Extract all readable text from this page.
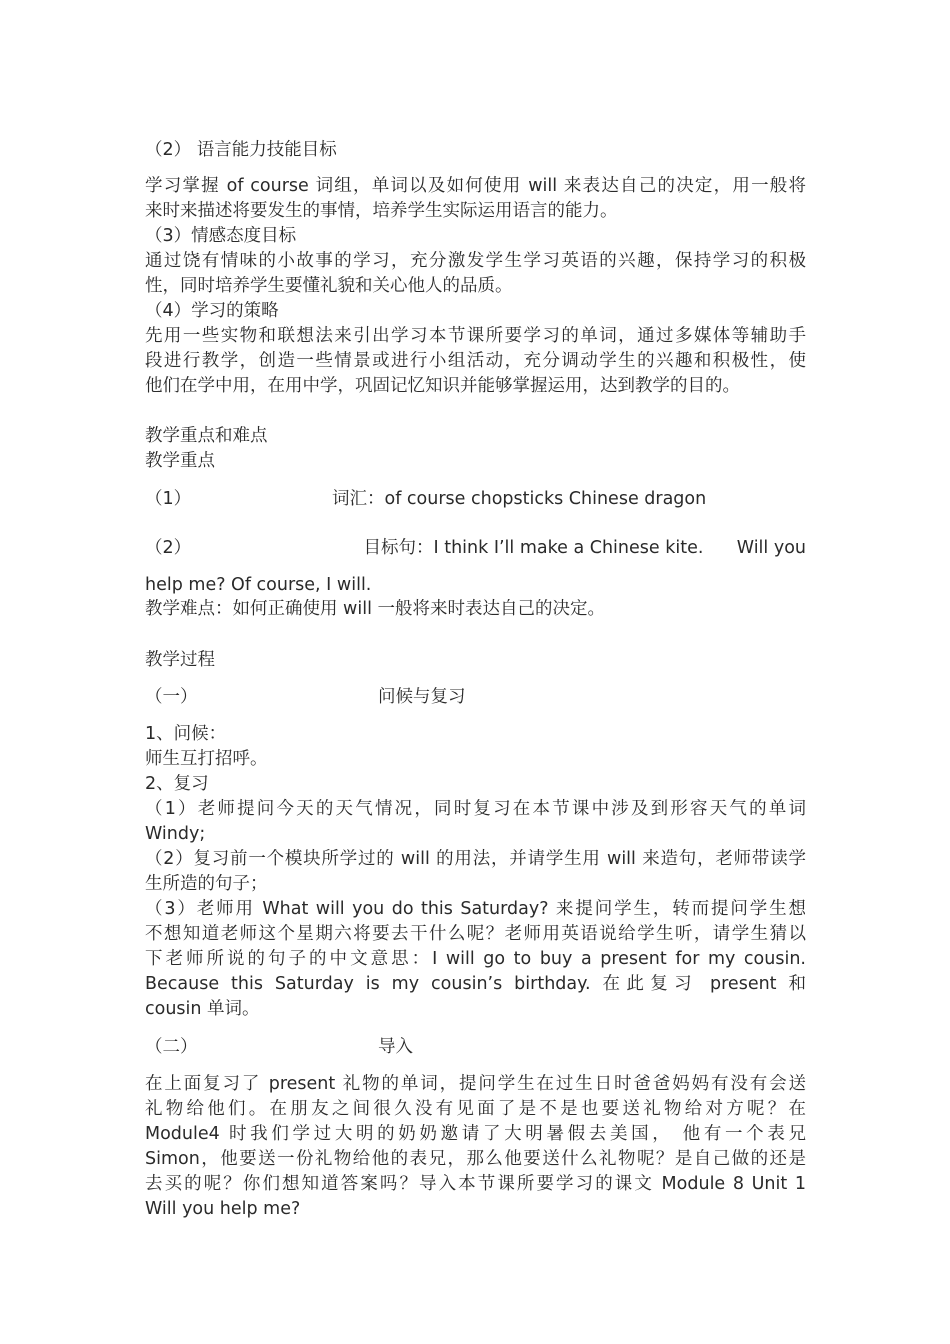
（2） 语言能力技能目标
学习掌握 of course 词组，单词以及如何使用 will 来表达自己的决定，用一般将
来时来描述将要发生的事情，培养学生实际运用语言的能力。
（3）情感态度目标
通过饶有情味的小故事的学习，充分激发学生学习英语的兴趣，保持学习的积极
性，同时培养学生要懂礼貌和关心他人的品质。
（4）学习的策略
先用一些实物和联想法来引出学习本节课所要学习的单词，通过多媒体等辅助手
段进行教学，创造一些情景或进行小组活动，充分调动学生的兴趣和积极性，使
他们在学中用，在用中学，巩固记忆知识并能够掌握运用，达到教学的目的。
教学重点和难点
教学重点
（1）	词汇：of course chopsticks Chinese dragon
（2）	目标句：I think I’ll make a Chinese kite.      Will you
help me? Of course, I will.
教学难点：如何正确使用 will 一般将来时表达自己的决定。
教学过程
（一）	问候与复习
1、问候：
师生互打招呼。
2、复习
（1）老师提问今天的天气情况，同时复习在本节课中涉及到形容天气的单词
Windy;
（2）复习前一个模块所学过的 will 的用法，并请学生用 will 来造句，老师带读学
生所造的句子；
（3）老师用 What will you do this Saturday? 来提问学生，转而提问学生想
不想知道老师这个星期六将要去干什么呢？老师用英语说给学生听，请学生猜以
下老师所说的句子的中文意思：I will go to buy a present for my cousin.
Because this Saturday is my cousin’s birthday. 在此复习 present 和
cousin 单词。
（二）	导入
在上面复习了 present 礼物的单词，提问学生在过生日时爸爸妈妈有没有会送
礼物给他们。在朋友之间很久没有见面了是不是也要送礼物给对方呢？在
Module4 时我们学过大明的奶奶邀请了大明暑假去美国， 他有一个表兄
Simon，他要送一份礼物给他的表兄，那么他要送什么礼物呢？是自己做的还是
去买的呢？你们想知道答案吗？导入本节课所要学习的课文 Module 8 Unit 1
Will you help me?
